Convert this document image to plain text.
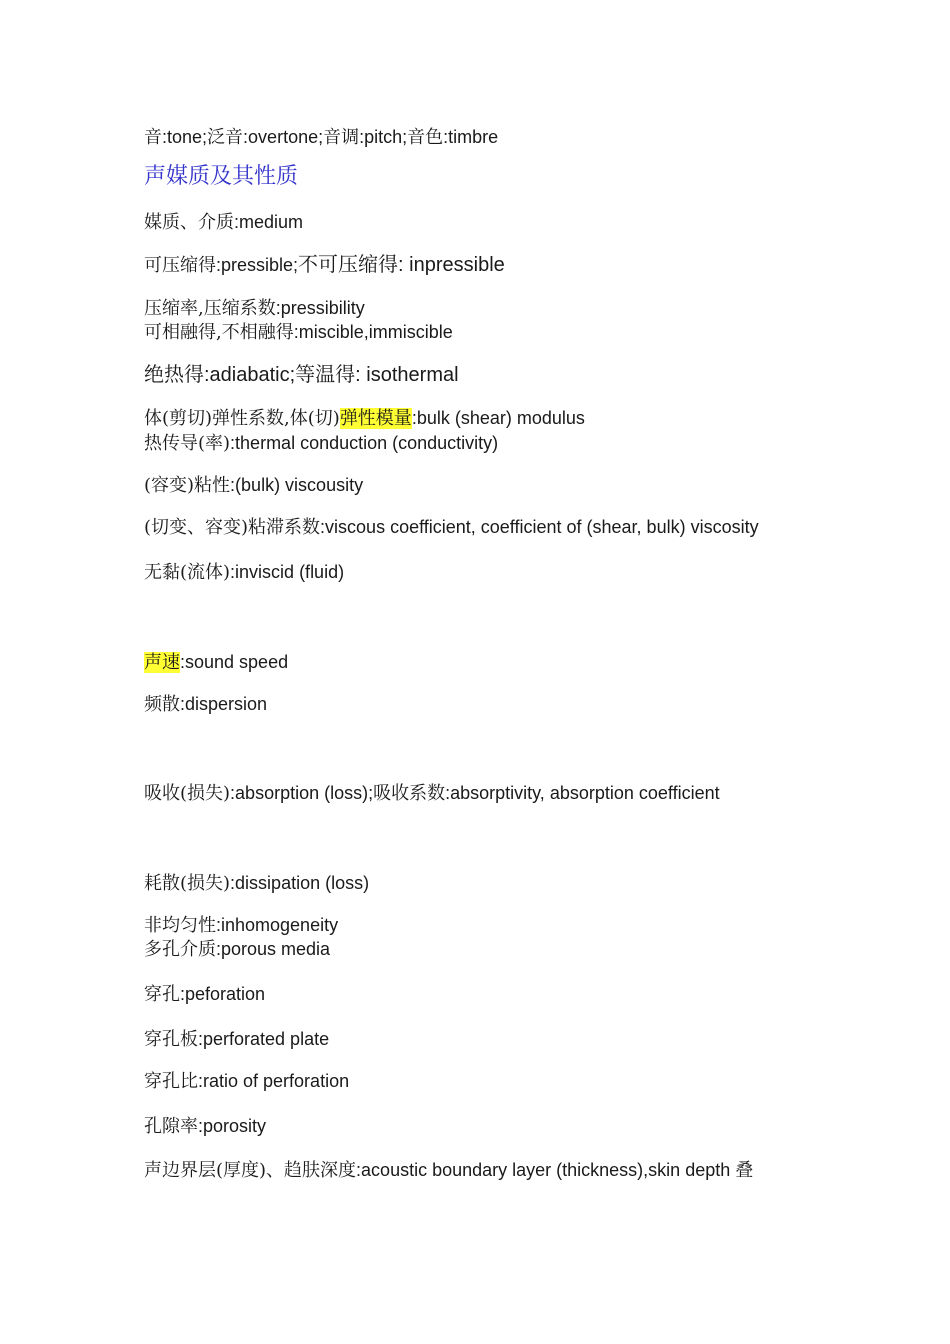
音:tone;泛音:overtone;音调:pitch;音色:timbre
声媒质及其性质
媒质、介质:medium
可压缩得:pressible;不可压缩得: inpressible
压缩率,压缩系数:pressibility
可相融得,不相融得:miscible,immiscible
绝热得:adiabatic;等温得: isothermal
体(剪切)弹性系数,体(切)弹性模量:bulk (shear) modulus
热传导(率):thermal conduction (conductivity)
(容变)粘性:(bulk) viscousity
(切变、容变)粘滞系数:viscous coefficient, coefficient of (shear, bulk) viscosity
无黏(流体):inviscid (fluid)
声速:sound speed
频散:dispersion
吸收(损失):absorption (loss);吸收系数:absorptivity, absorption coefficient
耗散(损失):dissipation (loss)
非均匀性:inhomogeneity
多孔介质:porous media
穿孔:peforation
穿孔板:perforated plate
穿孔比:ratio of perforation
孔隙率:porosity
声边界层(厚度)、趋肤深度:acoustic boundary layer (thickness),skin depth 叠
